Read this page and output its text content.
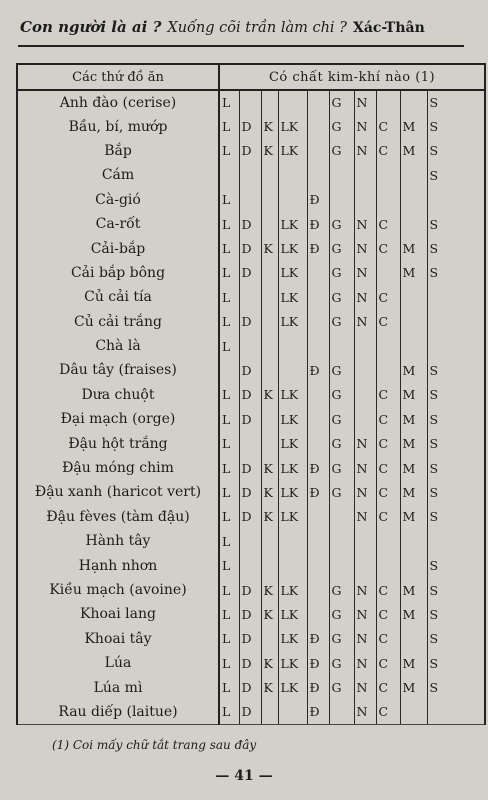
Con người là ai ? Xuống cõi trần làm chi ? Xác-Thân
Các thứ đồ ăn	Có chất kim-khí nào (1)									
Anh đào (cerise)	L					G	N			S
Bầu, bí, mướp	L	D	K	LK		G	N	C	M	S
Bắp	L	D	K	LK		G	N	C	M	S
Cám										S
Cà-gió	L				Đ					
Ca-rốt	L	D		LK	Đ	G	N	C		S
Cải-bắp	L	D	K	LK	Đ	G	N	C	M	S
Cải bắp bông	L	D		LK		G	N		M	S
Củ cải tía	L			LK		G	N	C		
Củ cải trắng	L	D		LK		G	N	C		
Chà là	L									
Dâu tây (fraises)		D			Đ	G			M	S
Dưa chuột	L	D	K	LK		G		C	M	S
Đại mạch (orge)	L	D		LK		G		C	M	S
Đậu hột trắng	L			LK		G	N	C	M	S
Đậu móng chim	L	D	K	LK	Đ	G	N	C	M	S
Đậu xanh (haricot vert)	L	D	K	LK	Đ	G	N	C	M	S
Đậu fèves (tàm đậu)	L	D	K	LK			N	C	M	S
Hành tây	L									
Hạnh nhơn	L									S
Kiều mạch (avoine)	L	D	K	LK		G	N	C	M	S
Khoai lang	L	D	K	LK		G	N	C	M	S
Khoai tây	L	D		LK	Đ	G	N	C		S
Lúa	L	D	K	LK	Đ	G	N	C	M	S
Lúa mì	L	D	K	LK	Đ	G	N	C	M	S
Rau diếp (laitue)	L	D			Đ		N	C		
(1) Coi mấy chữ tắt trang sau đây
— 41 —
